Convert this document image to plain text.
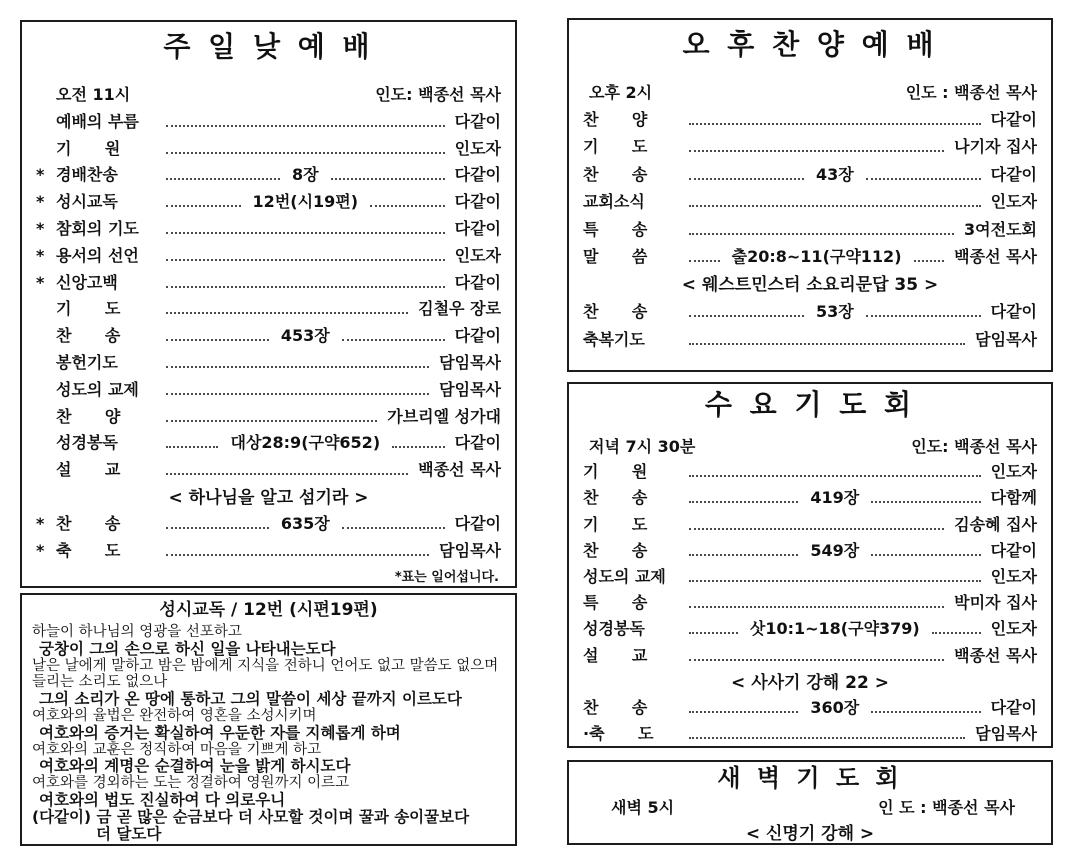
주 일 낮 예 배
오전 11시	인도: 백종선 목사
예배의 부름	다같이
기      원	인도자
* 경배찬송	8장	다같이
* 성시교독	12번(시19편)	다같이
* 참회의 기도	다같이
* 용서의 선언	인도자
* 신앙고백	다같이
기      도	김철우 장로
찬      송	453장	다같이
봉헌기도	담임목사
성도의 교제	담임목사
찬      양	가브리엘 성가대
성경봉독	대상28:9(구약652)	다같이
설      교	백종선 목사
< 하나님을 알고 섬기라 >
* 찬      송	635장	다같이
* 축      도	담임목사
*표는 일어섭니다.
성시교독 / 12번 (시편19편)
하늘이 하나님의 영광을 선포하고
궁창이 그의 손으로 하신 일을 나타내는도다
날은 날에게 말하고 밤은 밤에게 지식을 전하니 언어도 없고 말씀도 없으며
들리는 소리도 없으나
그의 소리가 온 땅에 통하고 그의 말씀이 세상 끝까지 이르도다
여호와의 율법은 완전하여 영혼을 소성시키며
여호와의 증거는 확실하여 우둔한 자를 지혜롭게 하며
여호와의 교훈은 정직하여 마음을 기쁘게 하고
여호와의 계명은 순결하여 눈을 밝게 하시도다
여호와를 경외하는 도는 정결하여 영원까지 이르고
여호와의 법도 진실하여 다 의로우니
(다같이) 금 곧 많은 순금보다 더 사모할 것이며 꿀과 송이꿀보다
더 달도다
오 후 찬 양 예 배
오후 2시	인도 : 백종선 목사
찬      양	다같이
기      도	나기자 집사
찬      송	43장	다같이
교회소식	인도자
특      송	3여전도회
말      씀	출20:8~11(구약112)	백종선 목사
< 웨스트민스터 소요리문답 35 >
찬      송	53장	다같이
축복기도	담임목사
수 요 기 도 회
저녁 7시 30분	인도: 백종선 목사
기      원	인도자
찬      송	419장	다함께
기      도	김송혜 집사
찬      송	549장	다같이
성도의 교제	인도자
특      송	박미자 집사
성경봉독	삿10:1~18(구약379)	인도자
설      교	백종선 목사
< 사사기 강해 22 >
찬      송	360장	다같이
·축      도	담임목사
새 벽 기 도 회
새벽 5시	인 도 : 백종선 목사
< 신명기 강해 >
